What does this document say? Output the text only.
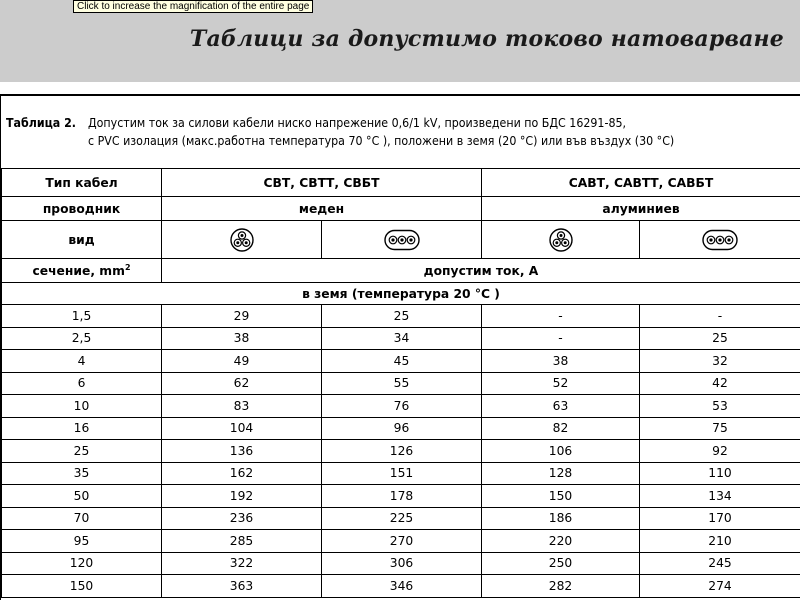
Таблици за допустимо токово натоварване
Click to increase the magnification of the entire page
Таблица 2. Допустим ток за силови кабели ниско напрежение 0,6/1 kV, произведени по БДС 16291-85,
с PVC изолация (макс.работна температура 70 °С ), положени в земя (20 °С) или във въздух (30 °С)
Тип кабел	СВТ, СВТТ, СВБТ		САВТ, САВТТ, САВБТ	
проводник	меден		алуминиев	
вид				
сечение, $mm^2$	допустим ток, А			
в земя (температура 20 °С )				
1,5	29	25	-	-
2,5	38	34	-	25
4	49	45	38	32
6	62	55	52	42
10	83	76	63	53
16	104	96	82	75
25	136	126	106	92
35	162	151	128	110
50	192	178	150	134
70	236	225	186	170
95	285	270	220	210
120	322	306	250	245
150	363	346	282	274
